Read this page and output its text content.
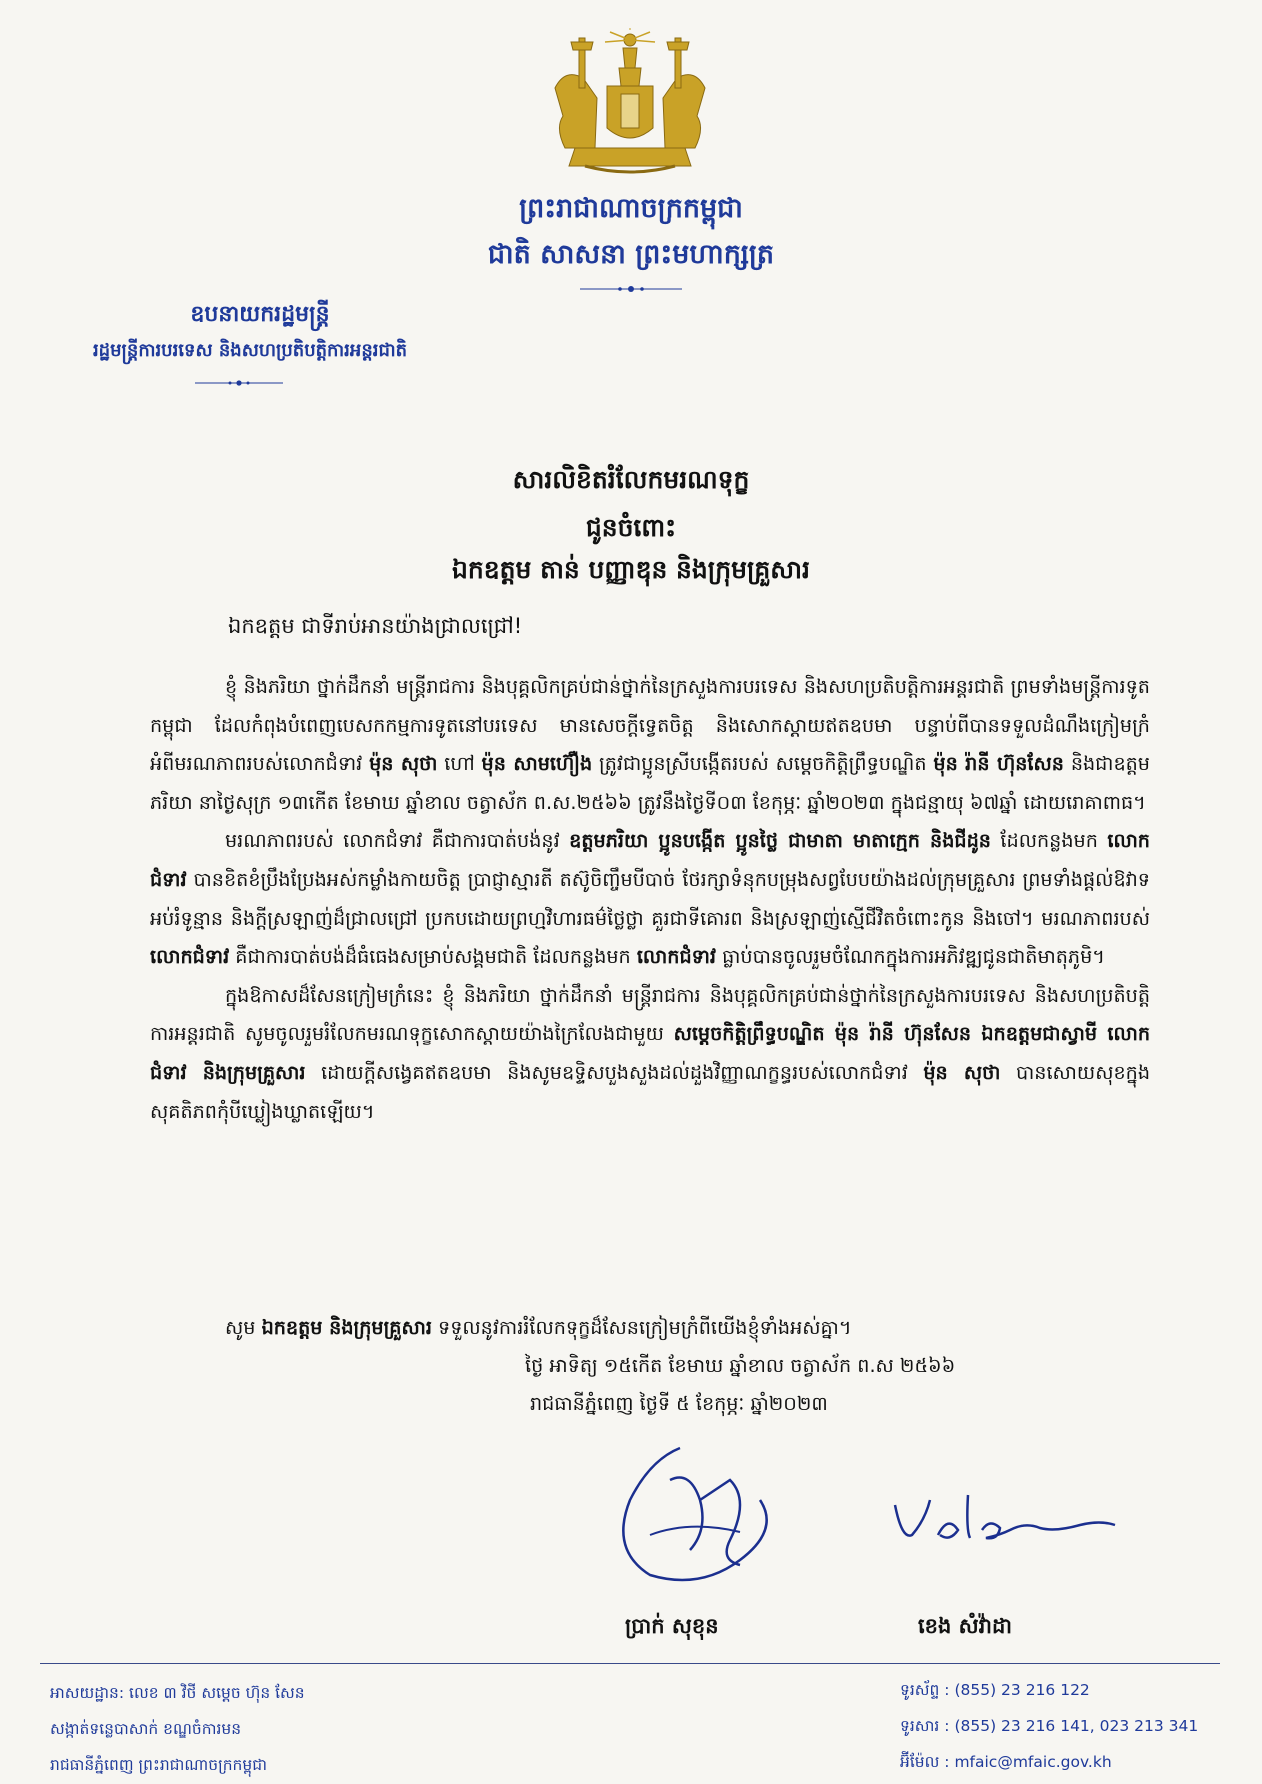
ព្រះរាជាណាចក្រកម្ពុជា
ជាតិ សាសនា ព្រះមហាក្សត្រ
ឧបនាយករដ្ឋមន្ត្រី
រដ្ឋមន្ត្រីការបរទេស និងសហប្រតិបត្តិការអន្តរជាតិ
សារលិខិតរំលែកមរណទុក្ខ
ជូនចំពោះ
ឯកឧត្តម តាន់ បញ្ញាឌុន និងក្រុមគ្រួសារ
ឯកឧត្តម ជាទីរាប់អានយ៉ាងជ្រាលជ្រៅ!

ខ្ញុំ និងភរិយា ថ្នាក់ដឹកនាំ មន្ត្រីរាជការ និងបុគ្គលិកគ្រប់ជាន់ថ្នាក់នៃក្រសួងការបរទេស និងសហប្រតិបត្តិការអន្តរជាតិ ព្រមទាំងមន្ត្រីការទូតកម្ពុជា ដែលកំពុងបំពេញបេសកកម្មការទូតនៅបរទេស មានសេចក្តីទ្វេតចិត្ត និងសោកស្តាយឥតឧបមា បន្ទាប់ពីបានទទួលដំណឹងក្រៀមក្រំអំពីមរណភាពរបស់លោកជំទាវ ម៉ុន សុថា ហៅ ម៉ុន សាមហ៊ឿង ត្រូវជាប្អូនស្រីបង្កើតរបស់ សម្តេចកិត្តិព្រឹទ្ធបណ្ឌិត ម៉ុន រ៉ានី ហ៊ុនសែន និងជាឧត្តមភរិយា នាថ្ងៃសុក្រ ១៣កើត ខែមាឃ ឆ្នាំខាល ចត្វាស័ក ព.ស.២៥៦៦ ត្រូវនឹងថ្ងៃទី០៣ ខែកុម្ភៈ ឆ្នាំ២០២៣ ក្នុងជន្មាយុ ៦៧ឆ្នាំ ដោយរោគាពាធ។

មរណភាពរបស់ លោកជំទាវ គឺជាការបាត់បង់នូវ ឧត្តមភរិយា ប្អូនបង្កើត ប្អូនថ្លៃ ជាមាតា មាតាក្មេក និងជីដូន ដែលកន្លងមក លោកជំទាវ បានខិតខំប្រឹងប្រែងអស់កម្លាំងកាយចិត្ត ប្រាជ្ញាស្មារតី តស៊ូចិញ្ចឹមបីបាច់ ថែរក្សាទំនុកបម្រុងសព្វបែបយ៉ាងដល់ក្រុមគ្រួសារ ព្រមទាំងផ្តល់ឱវាទអប់រំទូន្មាន និងក្តីស្រឡាញ់ដ៏ជ្រាលជ្រៅ ប្រកបដោយព្រហ្មវិហារធម៌ថ្លៃថ្លា គួរជាទីគោរព និងស្រឡាញ់ស្មើជីវិតចំពោះកូន និងចៅ។ មរណភាពរបស់ លោកជំទាវ គឺជាការបាត់បង់ដ៏ធំធេងសម្រាប់សង្គមជាតិ ដែលកន្លងមក លោកជំទាវ ធ្លាប់បានចូលរួមចំណែកក្នុងការអភិវឌ្ឍជូនជាតិមាតុភូមិ។

ក្នុងឱកាសដ៏សែនក្រៀមក្រំនេះ ខ្ញុំ និងភរិយា ថ្នាក់ដឹកនាំ មន្ត្រីរាជការ និងបុគ្គលិកគ្រប់ជាន់ថ្នាក់នៃក្រសួងការបរទេស និងសហប្រតិបត្តិការអន្តរជាតិ សូមចូលរួមរំលែកមរណទុក្ខសោកស្តាយយ៉ាងក្រៃលែងជាមួយ សម្តេចកិត្តិព្រឹទ្ធបណ្ឌិត ម៉ុន រ៉ានី ហ៊ុនសែន ឯកឧត្តមជាស្វាមី លោកជំទាវ និងក្រុមគ្រួសារ ដោយក្តីសង្វេគឥតឧបមា និងសូមឧទ្ទិសបួងសួងដល់ដួងវិញ្ញាណក្ខន្ធរបស់លោកជំទាវ ម៉ុន សុថា បានសោយសុខក្នុងសុគតិភពកុំបីឃ្លៀងឃ្លាតឡើយ។

សូម ឯកឧត្តម និងក្រុមគ្រួសារ ទទួលនូវការរំលែកទុក្ខដ៏សែនក្រៀមក្រំពីយើងខ្ញុំទាំងអស់គ្នា។
ថ្ងៃ អាទិត្យ ១៥កើត ខែមាឃ ឆ្នាំខាល ចត្វាស័ក ព.ស ២៥៦៦
រាជធានីភ្នំពេញ ថ្ងៃទី ៥ ខែកុម្ភៈ ឆ្នាំ២០២៣
ប្រាក់ សុខុន	ខេង សំវ៉ាដា
អាសយដ្ឋាន: លេខ ៣ វិថី សម្តេច ហ៊ុន សែន
សង្កាត់ទន្លេបាសាក់ ខណ្ឌចំការមន
រាជធានីភ្នំពេញ ព្រះរាជាណាចក្រកម្ពុជា
ទូរស័ព្ទ : (855) 23 216 122
ទូរសារ : (855) 23 216 141, 023 213 341
អ៊ីម៉ែល : mfaic@mfaic.gov.kh
